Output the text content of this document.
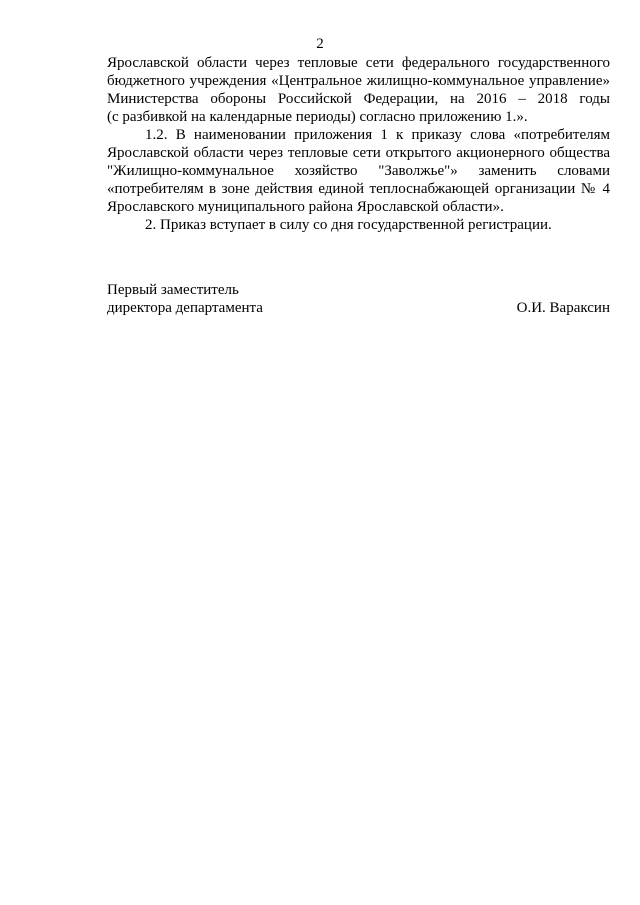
2
Ярославской области через тепловые сети федерального государственного
бюджетного учреждения «Центральное жилищно-коммунальное управление»
Министерства обороны Российской Федерации, на 2016 – 2018 годы
(с разбивкой на календарные периоды) согласно приложению 1.».
1.2. В наименовании приложения 1 к приказу слова «потребителям
Ярославской области через тепловые сети открытого акционерного общества
"Жилищно-коммунальное хозяйство "Заволжье"» заменить словами
«потребителям в зоне действия единой теплоснабжающей организации № 4
Ярославского муниципального района Ярославской области».
2. Приказ вступает в силу со дня государственной регистрации.
Первый заместитель
директора департамента	О.И. Вараксин
